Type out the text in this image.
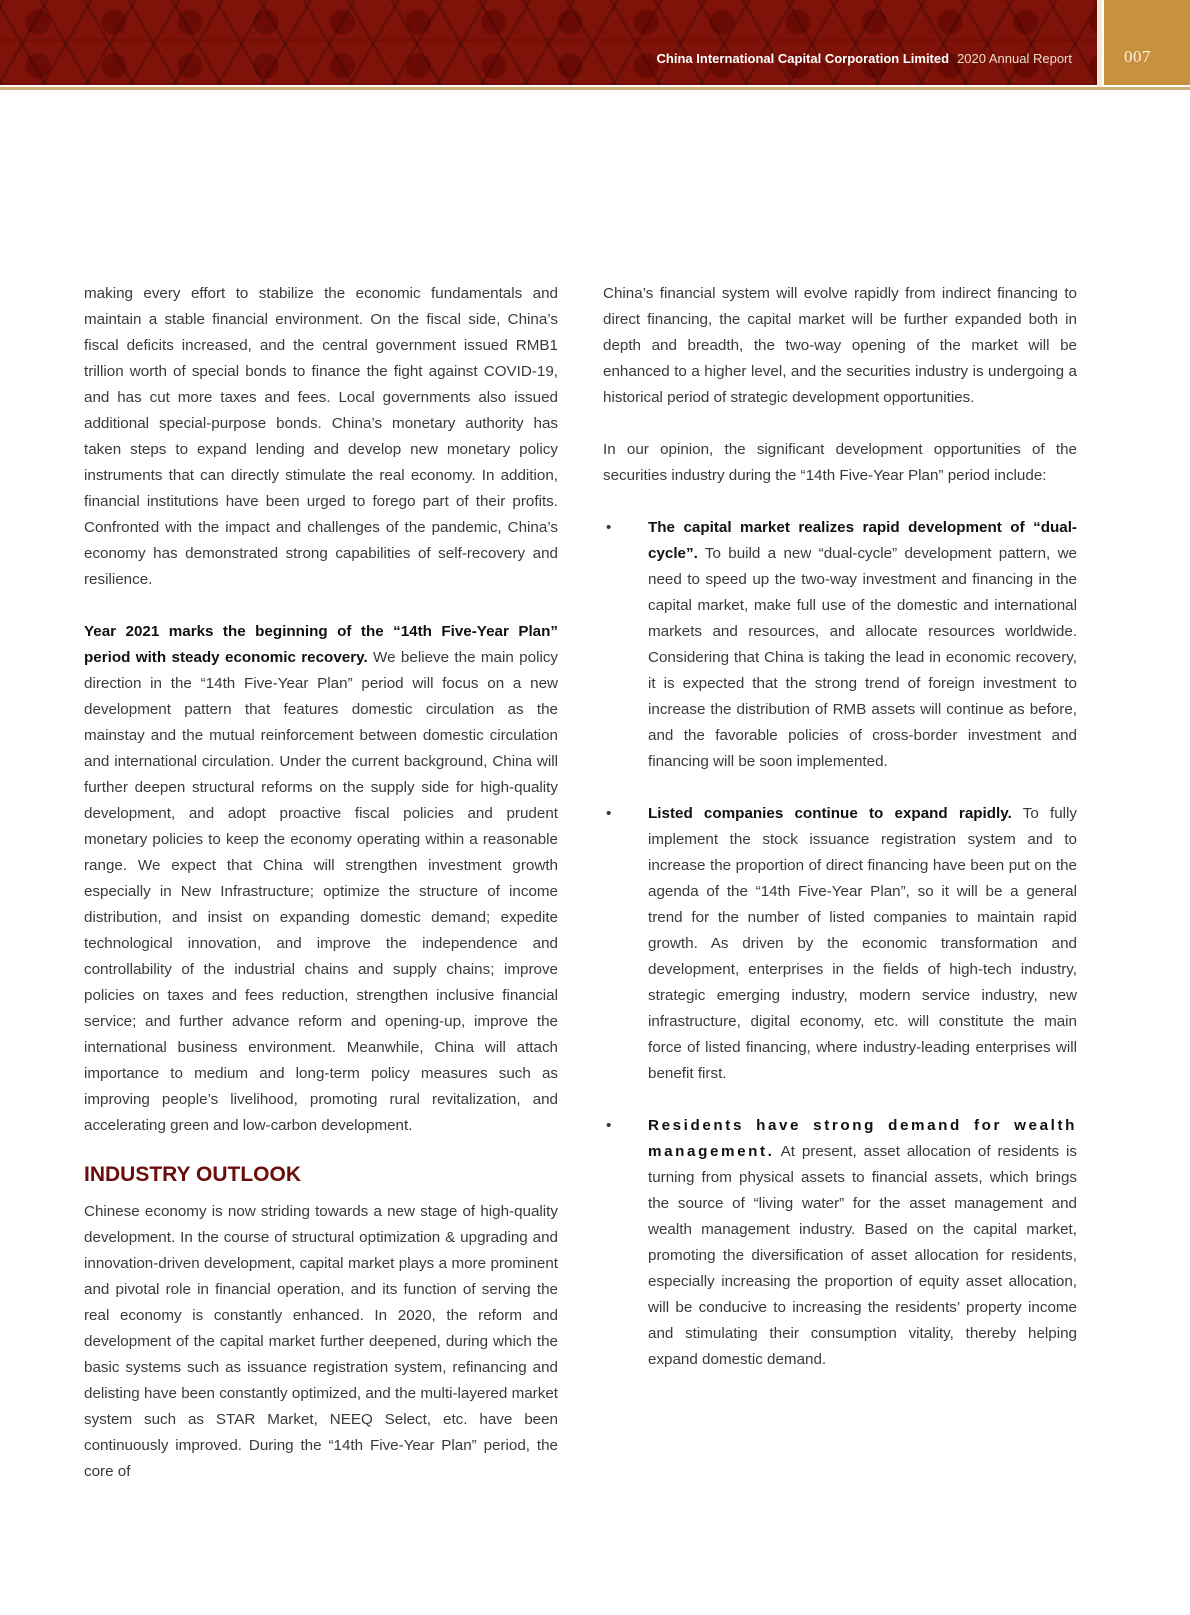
China International Capital Corporation Limited 2020 Annual Report	007

making every effort to stabilize the economic fundamentals and maintain a stable financial environment. On the fiscal side, China’s fiscal deficits increased, and the central government issued RMB1 trillion worth of special bonds to finance the fight against COVID-19, and has cut more taxes and fees. Local governments also issued additional special-purpose bonds. China’s monetary authority has taken steps to expand lending and develop new monetary policy instruments that can directly stimulate the real economy. In addition, financial institutions have been urged to forego part of their profits. Confronted with the impact and challenges of the pandemic, China’s economy has demonstrated strong capabilities of self-recovery and resilience.

Year 2021 marks the beginning of the “14th Five-Year Plan” period with steady economic recovery. We believe the main policy direction in the “14th Five-Year Plan” period will focus on a new development pattern that features domestic circulation as the mainstay and the mutual reinforcement between domestic circulation and international circulation. Under the current background, China will further deepen structural reforms on the supply side for high-quality development, and adopt proactive fiscal policies and prudent monetary policies to keep the economy operating within a reasonable range. We expect that China will strengthen investment growth especially in New Infrastructure; optimize the structure of income distribution, and insist on expanding domestic demand; expedite technological innovation, and improve the independence and controllability of the industrial chains and supply chains; improve policies on taxes and fees reduction, strengthen inclusive financial service; and further advance reform and opening-up, improve the international business environment. Meanwhile, China will attach importance to medium and long-term policy measures such as improving people’s livelihood, promoting rural revitalization, and accelerating green and low-carbon development.

INDUSTRY OUTLOOK

Chinese economy is now striding towards a new stage of high-quality development. In the course of structural optimization & upgrading and innovation-driven development, capital market plays a more prominent and pivotal role in financial operation, and its function of serving the real economy is constantly enhanced. In 2020, the reform and development of the capital market further deepened, during which the basic systems such as issuance registration system, refinancing and delisting have been constantly optimized, and the multi-layered market system such as STAR Market, NEEQ Select, etc. have been continuously improved. During the “14th Five-Year Plan” period, the core of

China’s financial system will evolve rapidly from indirect financing to direct financing, the capital market will be further expanded both in depth and breadth, the two-way opening of the market will be enhanced to a higher level, and the securities industry is undergoing a historical period of strategic development opportunities.

In our opinion, the significant development opportunities of the securities industry during the “14th Five-Year Plan” period include:

• The capital market realizes rapid development of “dual-cycle”. To build a new “dual-cycle” development pattern, we need to speed up the two-way investment and financing in the capital market, make full use of the domestic and international markets and resources, and allocate resources worldwide. Considering that China is taking the lead in economic recovery, it is expected that the strong trend of foreign investment to increase the distribution of RMB assets will continue as before, and the favorable policies of cross-border investment and financing will be soon implemented.

• Listed companies continue to expand rapidly. To fully implement the stock issuance registration system and to increase the proportion of direct financing have been put on the agenda of the “14th Five-Year Plan”, so it will be a general trend for the number of listed companies to maintain rapid growth. As driven by the economic transformation and development, enterprises in the fields of high-tech industry, strategic emerging industry, modern service industry, new infrastructure, digital economy, etc. will constitute the main force of listed financing, where industry-leading enterprises will benefit first.

• Residents have strong demand for wealth management. At present, asset allocation of residents is turning from physical assets to financial assets, which brings the source of “living water” for the asset management and wealth management industry. Based on the capital market, promoting the diversification of asset allocation for residents, especially increasing the proportion of equity asset allocation, will be conducive to increasing the residents’ property income and stimulating their consumption vitality, thereby helping expand domestic demand.
